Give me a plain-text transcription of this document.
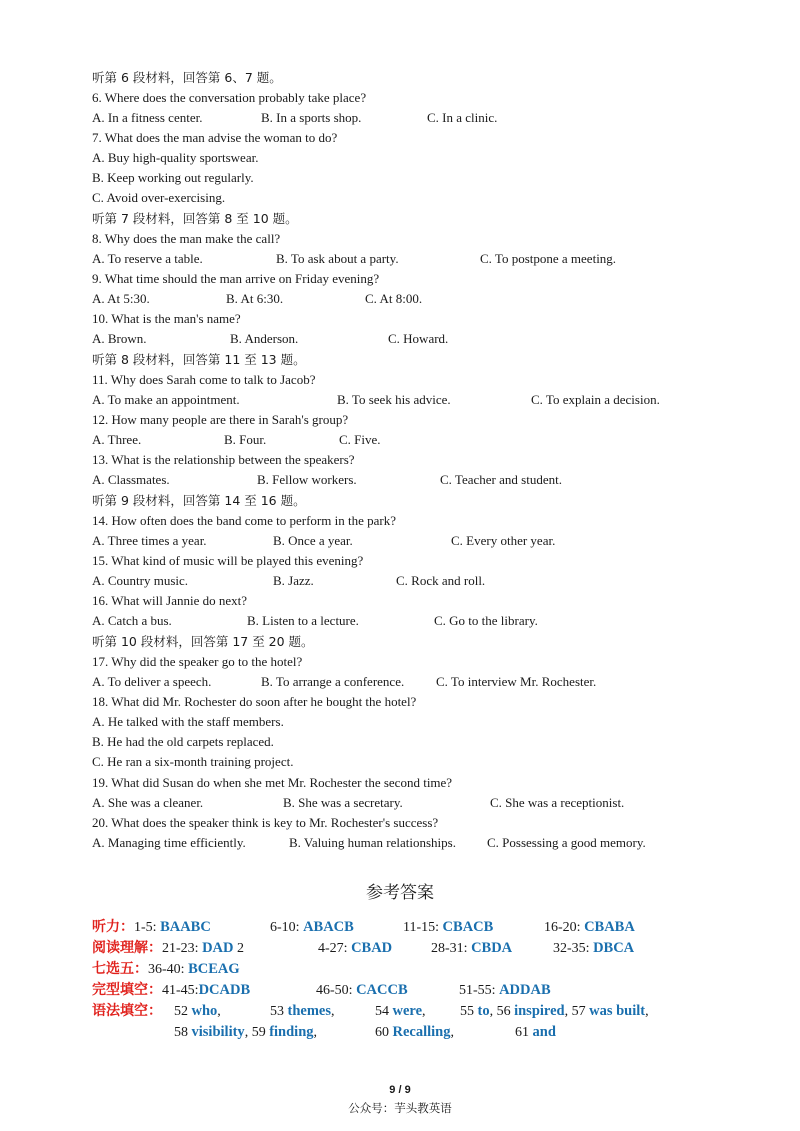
听第 6 段材料，回答第 6、7 题。
6. Where does the conversation probably take place?
A. In a fitness center.	B. In a sports shop.	C. In a clinic.
7. What does the man advise the woman to do?
A. Buy high-quality sportswear.
B. Keep working out regularly.
C. Avoid over-exercising.
听第 7 段材料，回答第 8 至 10 题。
8. Why does the man make the call?
A. To reserve a table.	B. To ask about a party.	C. To postpone a meeting.
9. What time should the man arrive on Friday evening?
A. At 5:30.	B. At 6:30.	C. At 8:00.
10. What is the man's name?
A. Brown.	B. Anderson.	C. Howard.
听第 8 段材料，回答第 11 至 13 题。
11. Why does Sarah come to talk to Jacob?
A. To make an appointment.	B. To seek his advice.	C. To explain a decision.
12. How many people are there in Sarah's group?
A. Three.	B. Four.	C. Five.
13. What is the relationship between the speakers?
A. Classmates.	B. Fellow workers.	C. Teacher and student.
听第 9 段材料，回答第 14 至 16 题。
14. How often does the band come to perform in the park?
A. Three times a year.	B. Once a year.	C. Every other year.
15. What kind of music will be played this evening?
A. Country music.	B. Jazz.	C. Rock and roll.
16. What will Jannie do next?
A. Catch a bus.	B. Listen to a lecture.	C. Go to the library.
听第 10 段材料，回答第 17 至 20 题。
17. Why did the speaker go to the hotel?
A. To deliver a speech.	B. To arrange a conference. C. To interview Mr. Rochester.
18. What did Mr. Rochester do soon after he bought the hotel?
A. He talked with the staff members.
B. He had the old carpets replaced.
C. He ran a six-month training project.
19. What did Susan do when she met Mr. Rochester the second time?
A. She was a cleaner.	B. She was a secretary.	C. She was a receptionist.
20. What does the speaker think is key to Mr. Rochester's success?
A. Managing time efficiently.	B. Valuing human relationships. C. Possessing a good memory.
参考答案
听力：1-5: BAABC	6-10: ABACB	11-15: CBACB	16-20: CBABA
阅读理解：21-23: DAD 2	4-27: CBAD	28-31: CBDA	32-35: DBCA
七选五：36-40: BCEAG
完型填空：41-45:DCADB	46-50: CACCB	51-55: ADDAB
语法填空： 52 who,	53 themes,	54 were, 55 to, 56 inspired, 57 was built,
58 visibility, 59 finding,	60 Recalling,	61 and
9 / 9
公众号：芋头教英语
